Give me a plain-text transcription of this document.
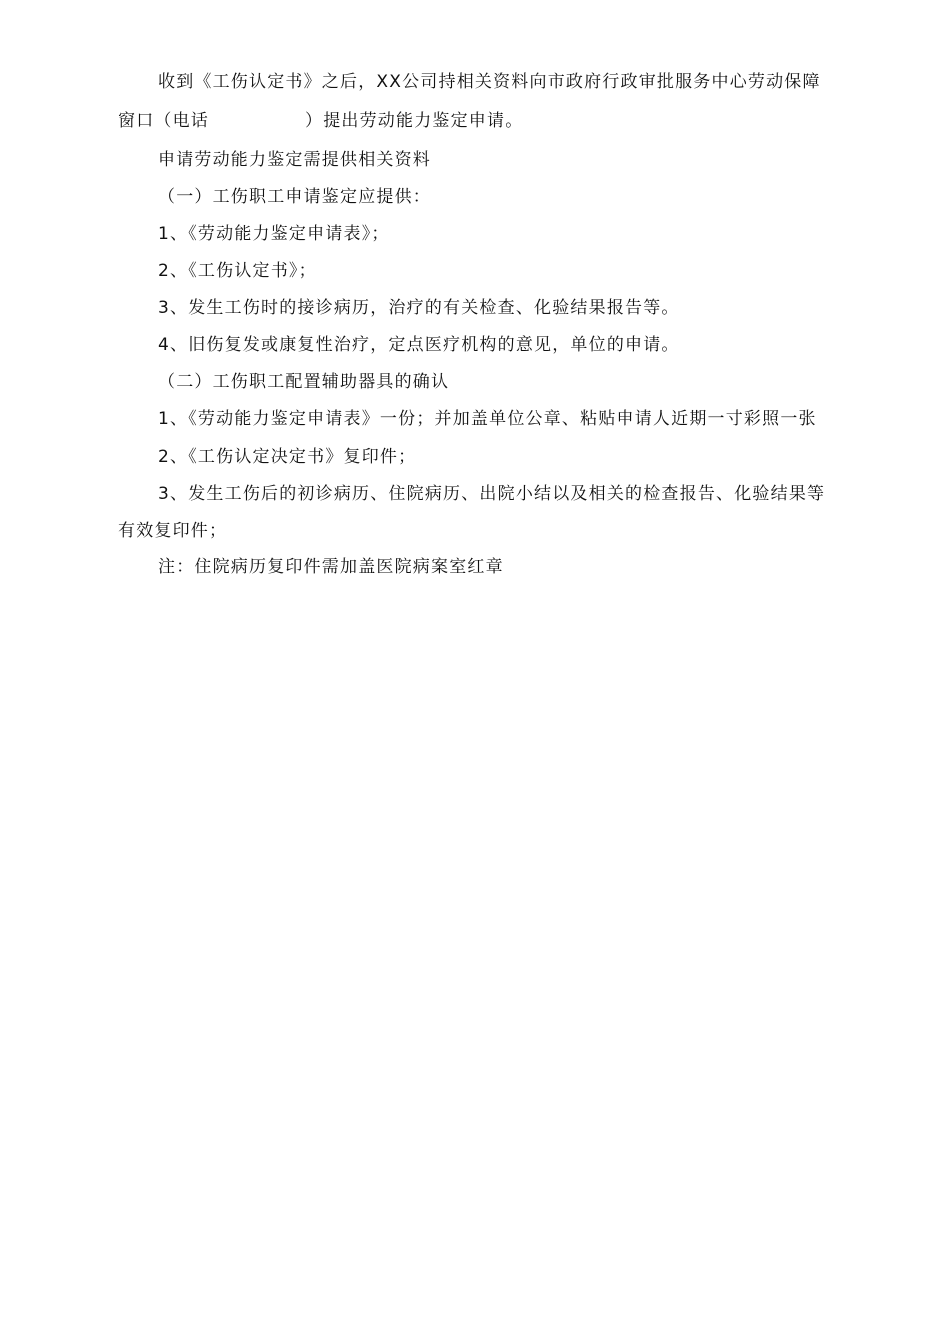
收到《工伤认定书》之后，XX公司持相关资料向市政府行政审批服务中心劳动保障
窗口（电话	）提出劳动能力鉴定申请。
申请劳动能力鉴定需提供相关资料
（一）工伤职工申请鉴定应提供：
1、《劳动能力鉴定申请表》；
2、《工伤认定书》；
3、发生工伤时的接诊病历，治疗的有关检查、化验结果报告等。
4、旧伤复发或康复性治疗，定点医疗机构的意见，单位的申请。
（二）工伤职工配置辅助器具的确认
1、《劳动能力鉴定申请表》一份；并加盖单位公章、粘贴申请人近期一寸彩照一张
2、《工伤认定决定书》复印件；
3、发生工伤后的初诊病历、住院病历、出院小结以及相关的检查报告、化验结果等
有效复印件；
注：住院病历复印件需加盖医院病案室红章
